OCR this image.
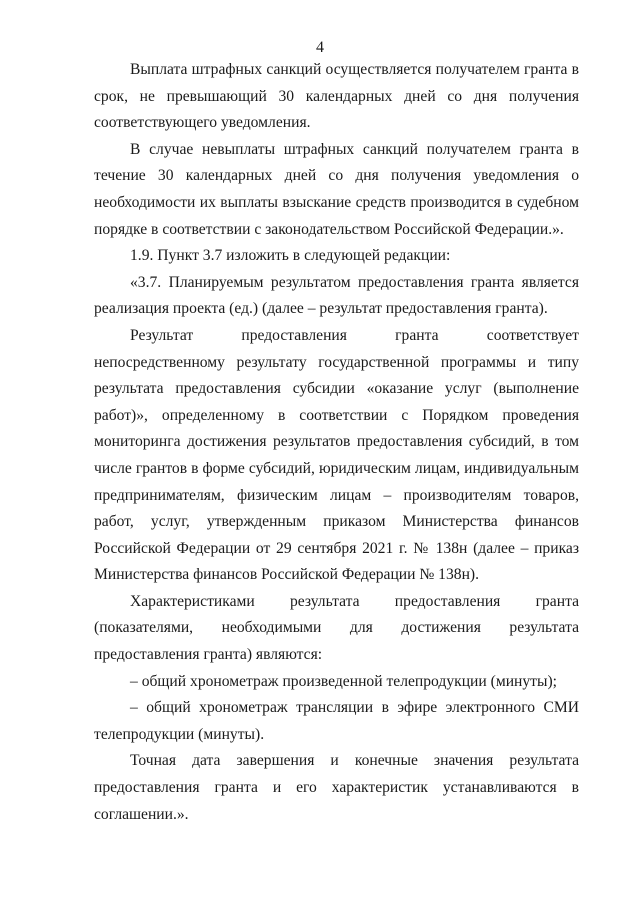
4

Выплата штрафных санкций осуществляется получателем гранта в срок, не превышающий 30 календарных дней со дня получения соответствующего уведомления.

В случае невыплаты штрафных санкций получателем гранта в течение 30 календарных дней со дня получения уведомления о необходимости их выплаты взыскание средств производится в судебном порядке в соответствии с законодательством Российской Федерации.».

1.9. Пункт 3.7 изложить в следующей редакции:

«3.7. Планируемым результатом предоставления гранта является реализация проекта (ед.) (далее – результат предоставления гранта).

Результат предоставления гранта соответствует непосредственному результату государственной программы и типу результата предоставления субсидии «оказание услуг (выполнение работ)», определенному в соответствии с Порядком проведения мониторинга достижения результатов предоставления субсидий, в том числе грантов в форме субсидий, юридическим лицам, индивидуальным предпринимателям, физическим лицам – производителям товаров, работ, услуг, утвержденным приказом Министерства финансов Российской Федерации от 29 сентября 2021 г. № 138н (далее – приказ Министерства финансов Российской Федерации № 138н).

Характеристиками результата предоставления гранта (показателями, необходимыми для достижения результата предоставления гранта) являются:

– общий хронометраж произведенной телепродукции (минуты);

– общий хронометраж трансляции в эфире электронного СМИ телепродукции (минуты).

Точная дата завершения и конечные значения результата предоставления гранта и его характеристик устанавливаются в соглашении.».
